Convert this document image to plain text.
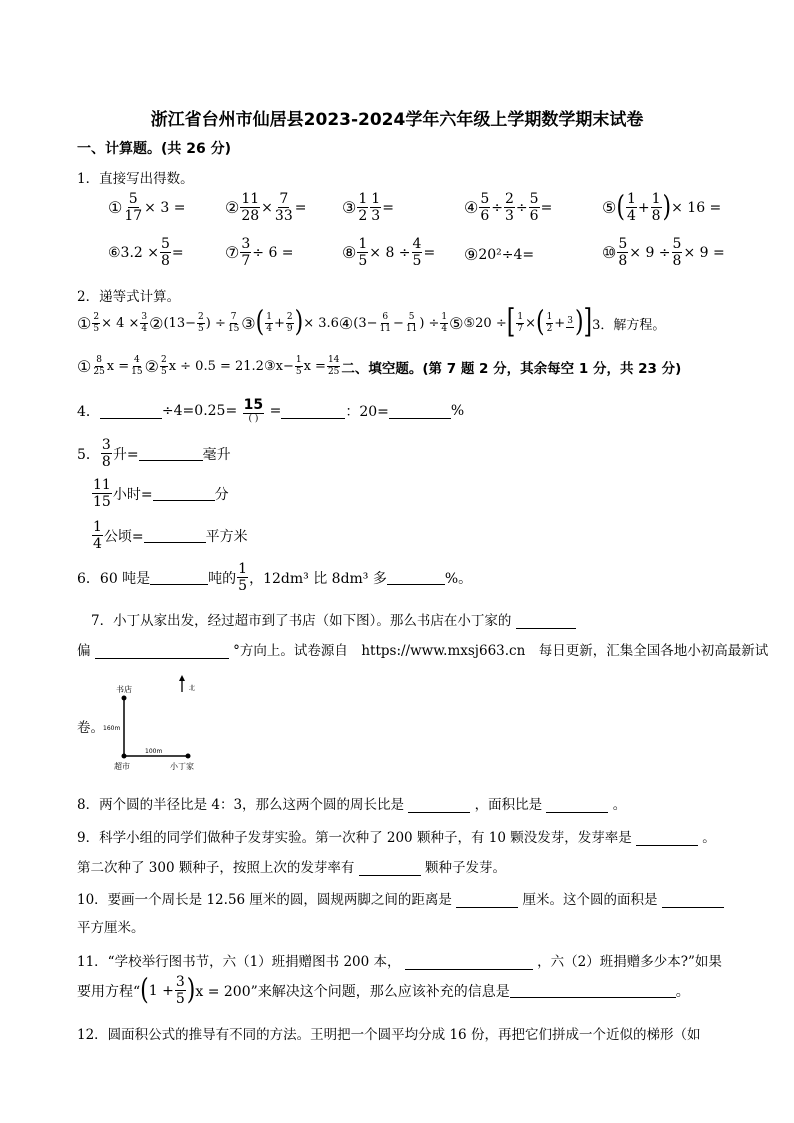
浙江省台州市仙居县2023-2024学年六年级上学期数学期末试卷
一、计算题。(共 26 分)
1．直接写出得数。
① $\frac{5}{17} \times 3$ = ② $\frac{11}{28} \times \frac{7}{33}$ = ③ $\frac{1}{2} \frac{1}{3}$ =	④ $\frac{5}{6} \div \frac{2}{3} \div \frac{5}{6}$ =	⑤ ( $\frac{1}{4} + \frac{1}{8}$ ) × 16 =
⑥3.2 × $\frac{5}{8}$ =	⑦ $\frac{3}{7} \div 6$ =	⑧ $\frac{1}{5} \times 8 \div \frac{4}{5}$ = ⑨ 20²÷4=	⑩ $\frac{5}{8} \times 9 \div \frac{5}{8} \times 9$ =
2．递等式计算。
① $\frac{2}{5} \times 4 \times \frac{3}{4}$ ② ($13- \frac{2}{5}$ ) ÷ $\frac{7}{15}$ ③ ( $\frac{1}{4} + \frac{2}{9}$ ) × 3.6 ④ ($3- \frac{6}{11} - \frac{5}{11}$ ) ÷ $\frac{1}{4}$ ⑤ ⑤20 ÷ [ $\frac{1}{7}$ × ( $\frac{1}{2} + 3$ ) ] 3．解方程。
① $\frac{8}{25}$ $x = \frac{4}{15}$ ② $\frac{2}{5}$ x ÷ 0.5 = 21.2③x− $\frac{1}{5}$ $x = \frac{14}{25}$ 二、填空题。(第 7 题 2 分，其余每空 1 分，共 23 分)
4．	÷4=0.25=
$\frac{15}{( )}$
=	：20=	%
5． $\frac{3}{8}$ 升=	毫升
$\frac{11}{15}$ 小时=	分
$\frac{1}{4}$ 公顷=	平方米
6．60 吨是	吨的 $\frac{1}{5}$ ，12dm³ 比 8dm³ 多	%。
7．小丁从家出发，经过超市到了书店（如下图）。那么书店在小丁家的
偏	°方向上。试卷源自　https://www.mxsj663.cn　每日更新，汇集全国各地小初高最新试
卷。
北
书店
160m
100m
超市	小丁家
8．两个圆的半径比是 4：3，那么这两个圆的周长比是	，面积比是	。
9．科学小组的同学们做种子发芽实验。第一次种了 200 颗种子，有 10 颗没发芽，发芽率是	。
第二次种了 300 颗种子，按照上次的发芽率有	颗种子发芽。
10．要画一个周长是 12.56 厘米的圆，圆规两脚之间的距离是	厘米。这个圆的面积是
平方厘米。
11．“学校举行图书节，六（1）班捐赠图书 200 本，	，六（2）班捐赠多少本?”如果
要用方程“ ( $1 + \frac{3}{5}$ ) x = 200”来解决这个问题，那么应该补充的信息是	。
12．圆面积公式的推导有不同的方法。王明把一个圆平均分成 16 份，再把它们拼成一个近似的梯形（如
